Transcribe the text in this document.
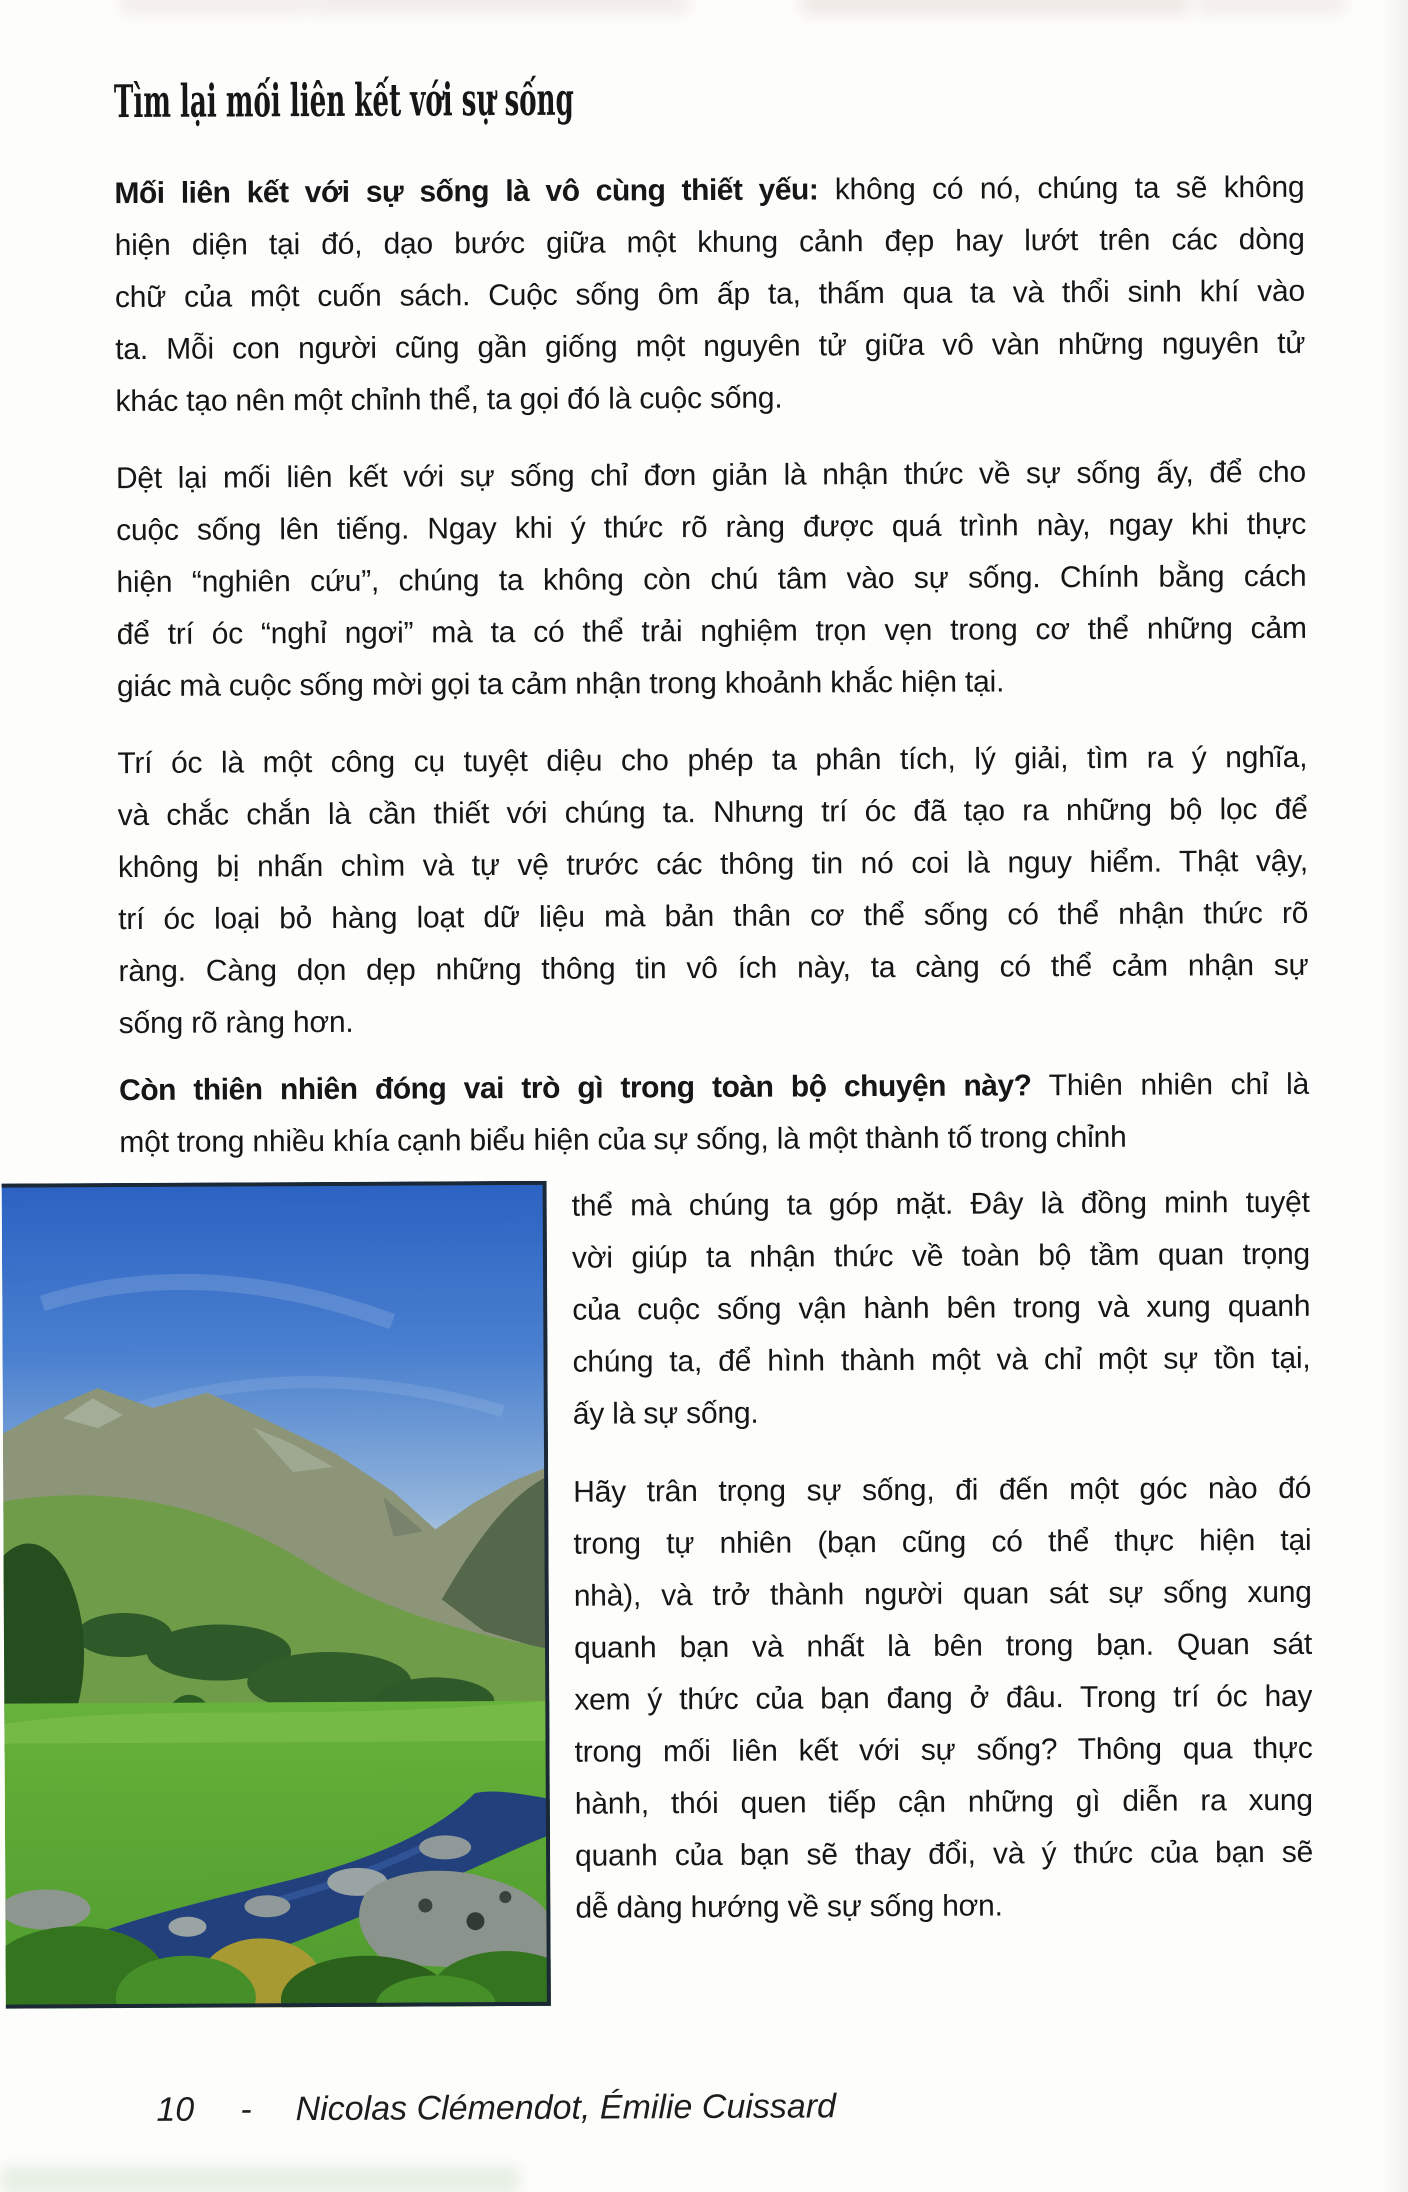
Tìm lại mối liên kết với sự sống
Mối liên kết với sự sống là vô cùng thiết yếu: không có nó, chúng ta sẽ không
hiện diện tại đó, dạo bước giữa một khung cảnh đẹp hay lướt trên các dòng
chữ của một cuốn sách. Cuộc sống ôm ấp ta, thấm qua ta và thổi sinh khí vào
ta. Mỗi con người cũng gần giống một nguyên tử giữa vô vàn những nguyên tử
khác tạo nên một chỉnh thể, ta gọi đó là cuộc sống.
Dệt lại mối liên kết với sự sống chỉ đơn giản là nhận thức về sự sống ấy, để cho
cuộc sống lên tiếng. Ngay khi ý thức rõ ràng được quá trình này, ngay khi thực
hiện “nghiên cứu”, chúng ta không còn chú tâm vào sự sống. Chính bằng cách
để trí óc “nghỉ ngơi” mà ta có thể trải nghiệm trọn vẹn trong cơ thể những cảm
giác mà cuộc sống mời gọi ta cảm nhận trong khoảnh khắc hiện tại.
Trí óc là một công cụ tuyệt diệu cho phép ta phân tích, lý giải, tìm ra ý nghĩa,
và chắc chắn là cần thiết với chúng ta. Nhưng trí óc đã tạo ra những bộ lọc để
không bị nhấn chìm và tự vệ trước các thông tin nó coi là nguy hiểm. Thật vậy,
trí óc loại bỏ hàng loạt dữ liệu mà bản thân cơ thể sống có thể nhận thức rõ
ràng. Càng dọn dẹp những thông tin vô ích này, ta càng có thể cảm nhận sự
sống rõ ràng hơn.
Còn thiên nhiên đóng vai trò gì trong toàn bộ chuyện này? Thiên nhiên chỉ là
một trong nhiều khía cạnh biểu hiện của sự sống, là một thành tố trong chỉnh
thể mà chúng ta góp mặt. Đây là đồng minh tuyệt
vời giúp ta nhận thức về toàn bộ tầm quan trọng
của cuộc sống vận hành bên trong và xung quanh
chúng ta, để hình thành một và chỉ một sự tồn tại,
ấy là sự sống.
Hãy trân trọng sự sống, đi đến một góc nào đó
trong tự nhiên (bạn cũng có thể thực hiện tại
nhà), và trở thành người quan sát sự sống xung
quanh bạn và nhất là bên trong bạn. Quan sát
xem ý thức của bạn đang ở đâu. Trong trí óc hay
trong mối liên kết với sự sống? Thông qua thực
hành, thói quen tiếp cận những gì diễn ra xung
quanh của bạn sẽ thay đổi, và ý thức của bạn sẽ
dễ dàng hướng về sự sống hơn.
10 - Nicolas Clémendot, Émilie Cuissard
